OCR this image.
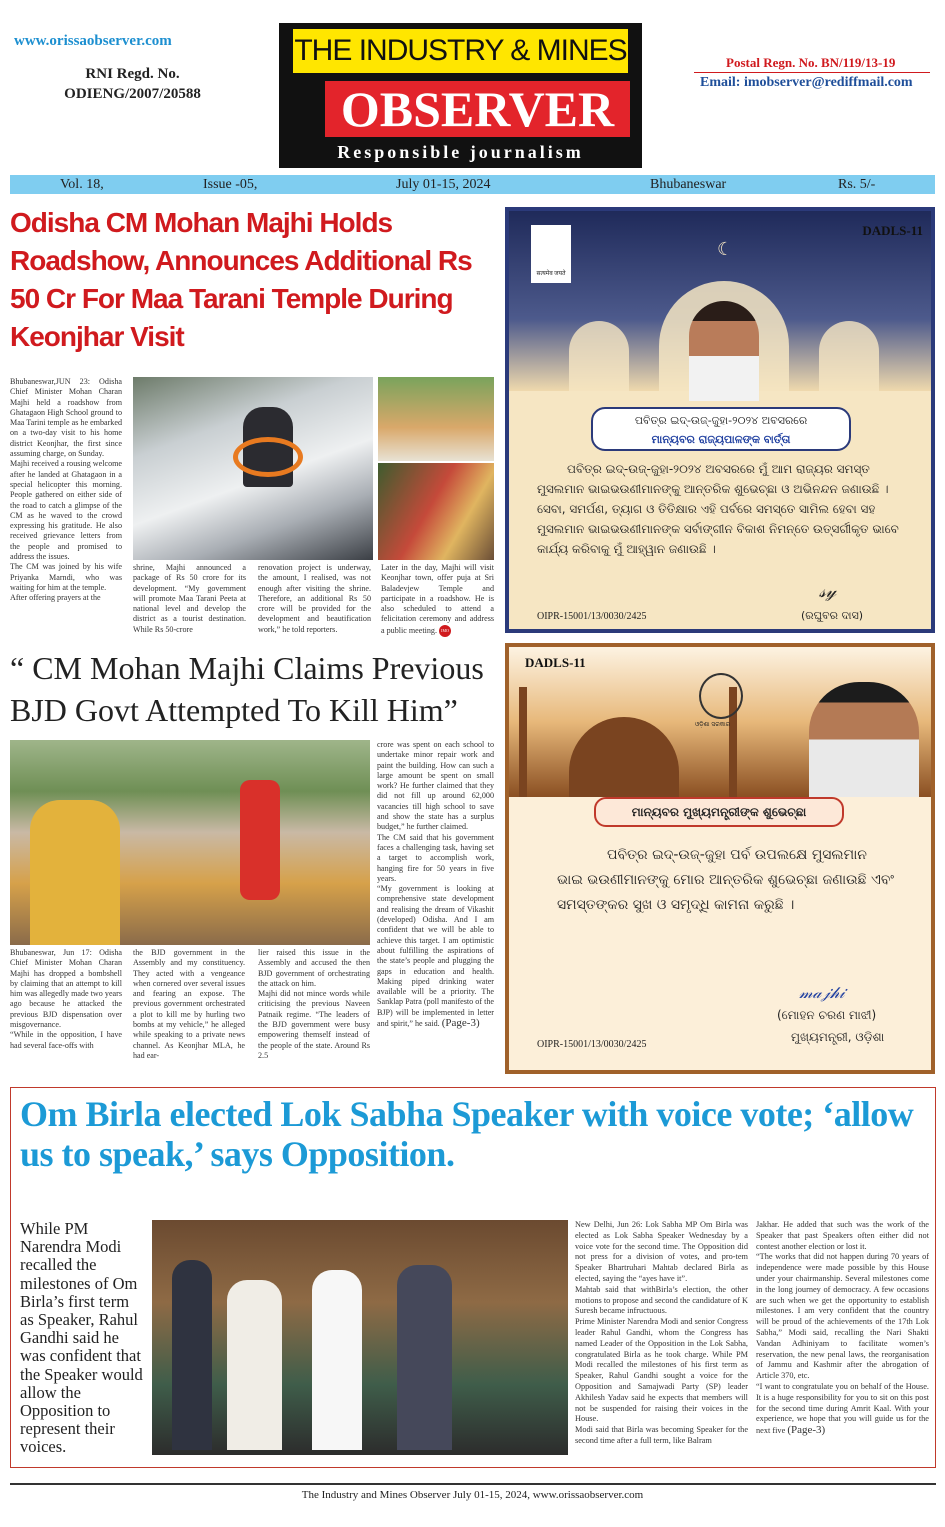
www.orissaobserver.com
RNI Regd. No.
ODIENG/2007/20588
THE INDUSTRY & MINES
OBSERVER
Responsible journalism
Postal Regn. No. BN/119/13-19
Email: imobserver@rediffmail.com
Vol. 18,	Issue -05,	July 01-15, 2024	Bhubaneswar	Rs. 5/-
Odisha CM Mohan Majhi Holds Roadshow, Announces Additional Rs 50 Cr For Maa Tarani Temple During Keonjhar Visit

Bhubaneswar,JUN 23: Odisha Chief Minister Mohan Charan Majhi held a roadshow from Ghatagaon High School ground to Maa Tarini temple as he embarked on a two-day visit to his home district Keonjhar, the first since assuming charge, on Sunday.

Majhi received a rousing welcome after he landed at Ghatagaon in a special helicopter this morning. People gathered on either side of the road to catch a glimpse of the CM as he waved to the crowd expressing his gratitude. He also received grievance letters from the people and promised to address the issues.

The CM was joined by his wife Priyanka Marndi, who was waiting for him at the temple.

After offering prayers at the

shrine, Majhi announced a package of Rs 50 crore for its development. “My government will promote Maa Tarani Peeta at national level and develop the district as a tourist destination. While Rs 50-crore
renovation project is underway, the amount, I realised, was not enough after visiting the shrine. Therefore, an additional Rs 50 crore will be provided for the development and beautification work,” he told reporters.
Later in the day, Majhi will visit Keonjhar town, offer puja at Sri Baladevjew Temple and participate in a roadshow. He is also scheduled to attend a felicitation ceremony and address a public meeting. IMO
“ CM Mohan Majhi Claims Previous
BJD Govt Attempted To Kill Him”

Bhubaneswar, Jun 17: Odisha Chief Minister Mohan Charan Majhi has dropped a bombshell by claiming that an attempt to kill him was allegedly made two years ago because he attacked the previous BJD dispensation over misgovernance.

“While in the opposition, I have had several face-offs with

the BJD government in the Assembly and my constituency. They acted with a vengeance when cornered over several issues and fearing an expose. The previous government orchestrated a plot to kill me by hurling two bombs at my vehicle,” he alleged while speaking to a private news channel. As Keonjhar MLA, he had ear-

lier raised this issue in the Assembly and accused the then BJD government of orchestrating the attack on him.

Majhi did not mince words while criticising the previous Naveen Patnaik regime. “The leaders of the BJD government were busy empowering themself instead of the people of the state. Around Rs 2.5

crore was spent on each school to undertake minor repair work and paint the building. How can such a large amount be spent on small work? He further claimed that they did not fill up around 62,000 vacancies till high school to save and show the state has a surplus budget,” he further claimed.

The CM said that his government faces a challenging task, having set a target to accomplish work, hanging fire for 50 years in five years.

“My government is looking at comprehensive state development and realising the dream of Vikashit (developed) Odisha. And I am confident that we will be able to achieve this target. I am optimistic about fulfilling the aspirations of the state’s people and plugging the gaps in education and health. Making piped drinking water available will be a priority. The Sanklap Patra (poll manifesto of the BJP) will be implemented in letter and spirit,” he said. (Page-3)

☾
सत्यमेव जयते
DADLS-11
ପବିତ୍ର ଇଦ୍-ଉଜ୍-ଜୁହା-୨୦୨୪ ଅବସରରେ
ମାନ୍ୟବର ରାଜ୍ୟପାଳଙ୍କ ବାର୍ତ୍ତା
ପବିତ୍ର ଇଦ୍-ଉଜ୍-ଜୁହା-୨୦୨୪ ଅବସରରେ ମୁଁ ଆମ ରାଜ୍ୟର ସମସ୍ତ ମୁସଲମାନ ଭାଇଭଉଣୀମାନଙ୍କୁ ଆନ୍ତରିକ ଶୁଭେଚ୍ଛା ଓ ଅଭିନନ୍ଦନ ଜଣାଉଛି । ସେବା, ସମର୍ପଣ, ତ୍ୟାଗ ଓ ତିତିକ୍ଷାର ଏହି ପର୍ବରେ ସମସ୍ତେ ସାମିଲ ହେବା ସହ ମୁସଲମାନ ଭାଇଭଉଣୀମାନଙ୍କ ସର୍ବାଙ୍ଗୀନ ବିକାଶ ନିମନ୍ତେ ଉତ୍ସର୍ଗୀକୃତ ଭାବେ କାର୍ଯ୍ୟ କରିବାକୁ ମୁଁ ଆହ୍ୱାନ ଜଣାଉଛି ।
𝓈𝓎
OIPR-15001/13/0030/2425	(ରଘୁବର ଦାସ)
DADLS-11
ଓଡ଼ିଶା ସରକାର
ମାନ୍ୟବର ମୁଖ୍ୟମନ୍ତ୍ରୀଙ୍କ ଶୁଭେଚ୍ଛା
ପବିତ୍ର ଇଦ୍-ଉଜ୍-ଜୁହା ପର୍ବ ଉପଲକ୍ଷେ ମୁସଲମାନ ଭାଇ ଭଉଣୀମାନଙ୍କୁ ମୋର ଆନ୍ତରିକ ଶୁଭେଚ୍ଛା ଜଣାଉଛି ଏବଂ ସମସ୍ତଙ୍କର ସୁଖ ଓ ସମୃଦ୍ଧି କାମନା କରୁଛି ।
𝓂𝒶𝒿𝒽𝒾
(ମୋହନ ଚରଣ ମାଝୀ)
ମୁଖ୍ୟମନ୍ତ୍ରୀ, ଓଡ଼ିଶା
OIPR-15001/13/0030/2425
Om Birla elected Lok Sabha Speaker with voice vote; ‘allow us to speak,’ says Opposition.
While PM Narendra Modi recalled the milestones of Om Birla’s first term as Speaker, Rahul Gandhi said he was confident that the Speaker would allow the Opposition to represent their voices.

New Delhi, Jun 26: Lok Sabha MP Om Birla was elected as Lok Sabha Speaker Wednesday by a voice vote for the second time. The Opposition did not press for a division of votes, and pro-tem Speaker Bhartruhari Mahtab declared Birla as elected, saying the “ayes have it”.

Mahtab said that withBirla’s election, the other motions to propose and second the candidature of K Suresh became infructuous.

Prime Minister Narendra Modi and senior Congress leader Rahul Gandhi, whom the Congress has named Leader of the Opposition in the Lok Sabha, congratulated Birla as he took charge. While PM Modi recalled the milestones of his first term as Speaker, Rahul Gandhi sought a voice for the Opposition and Samajwadi Party (SP) leader Akhilesh Yadav said he expects that members will not be suspended for raising their voices in the House.

Modi said that Birla was becoming Speaker for the second time after a full term, like Balram

Jakhar. He added that such was the work of the Speaker that past Speakers often either did not contest another election or lost it.

“The works that did not happen during 70 years of independence were made possible by this House under your chairmanship. Several milestones come in the long journey of democracy. A few occasions are such when we get the opportunity to establish milestones. I am very confident that the country will be proud of the achievements of the 17th Lok Sabha,” Modi said, recalling the Nari Shakti Vandan Adhiniyam to facilitate women’s reservation, the new penal laws, the reorganisation of Jammu and Kashmir after the abrogation of Article 370, etc.

“I want to congratulate you on behalf of the House. It is a huge responsibility for you to sit on this post for the second time during Amrit Kaal. With your experience, we hope that you will guide us for the next five (Page-3)

The Industry and Mines Observer July 01-15, 2024, www.orissaobserver.com
